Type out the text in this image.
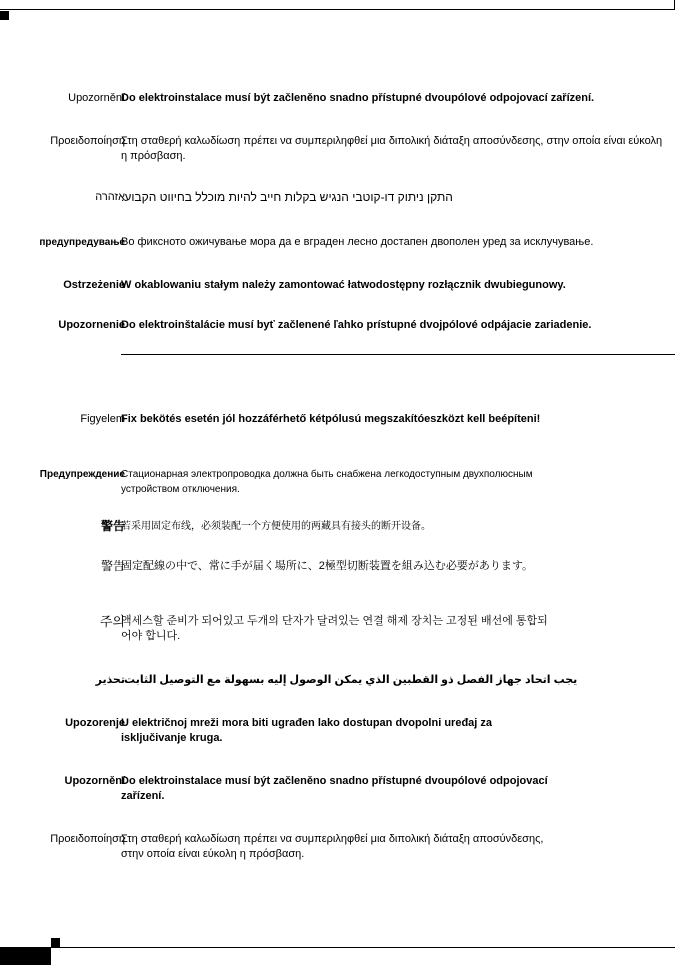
Upozornění
Do elektroinstalace musí být začleněno snadno přístupné dvoupólové odpojovací zařízení.
Προειδοποίηση
Στη σταθερή καλωδίωση πρέπει να συμπεριληφθεί μια διπολική διάταξη αποσύνδεσης, στην οποία είναι εύκολη η πρόσβαση.
אזהרה
התקן ניתוק דו-קוטבי הנגיש בקלות חייב להיות מוכלל בחיווט הקבוע.
предупредување
Во фиксното ожичување мора да е вграден лесно достапен двополен уред за исклучување.
Ostrzeżenie
W okablowaniu stałym należy zamontować łatwodostępny rozłącznik dwubiegunowy.
Upozornenie
Do elektroinštalácie musí byť začlenené ľahko prístupné dvojpólové odpájacie zariadenie.
Figyelem
Fix bekötés esetén jól hozzáférhető kétpólusú megszakítóeszközt kell beépíteni!
Предупреждение
Стационарная электропроводка должна быть снабжена легкодоступным двухполюсным устройством отключения.
警告
若采用固定布线，必须装配一个方便使用的两藏具有接头的断开设备。
警告
固定配線の中で、常に手が届く場所に、2極型切断装置を組み込む必要があります。
주의
액세스할 준비가 되어있고 두개의 단자가 달려있는 연결 해제 장치는 고정된 배선에 통합되어야 합니다.
تحذير
يجب اتحاد جهاز الفصل ذو القطبين الذي يمكن الوصول إليه بسهولة مع التوصيل الثابت.
Upozorenje
U električnoj mreži mora biti ugrađen lako dostupan dvopolni uređaj za isključivanje kruga.
Upozornění
Do elektroinstalace musí být začleněno snadno přístupné dvoupólové odpojovací zařízení.
Προειδοποίηση
Στη σταθερή καλωδίωση πρέπει να συμπεριληφθεί μια διπολική διάταξη αποσύνδεσης, στην οποία είναι εύκολη η πρόσβαση.
